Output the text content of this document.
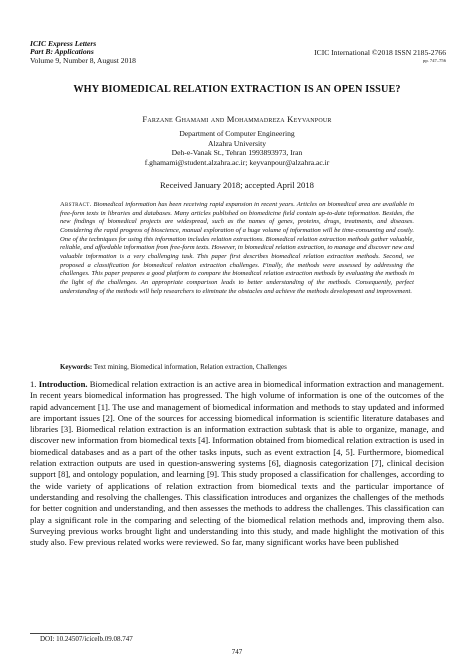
ICIC Express Letters
Part B: Applications
Volume 9, Number 8, August 2018
ICIC International ©2018 ISSN 2185-2766
pp. 747–756
WHY BIOMEDICAL RELATION EXTRACTION IS AN OPEN ISSUE?
Farzane Ghamami and Mohammadreza Keyvanpour
Department of Computer Engineering
Alzahra University
Deh-e-Vanak St., Tehran 1993893973, Iran
f.ghamami@student.alzahra.ac.ir; keyvanpour@alzahra.ac.ir
Received January 2018; accepted April 2018
Abstract. Biomedical information has been receiving rapid expansion in recent years. Articles on biomedical area are available in free-form texts in libraries and databases. Many articles published on biomedicine field contain up-to-date information. Besides, the new findings of biomedical projects are widespread, such as the names of genes, proteins, drugs, treatments, and diseases. Considering the rapid progress of bioscience, manual exploration of a huge volume of information will be time-consuming and costly. One of the techniques for using this information includes relation extractions. Biomedical relation extraction methods gather valuable, reliable, and affordable information from free-form texts. However, in biomedical relation extraction, to manage and discover new and valuable information is a very challenging task. This paper first describes biomedical relation extraction methods. Second, we proposed a classification for biomedical relation extraction challenges. Finally, the methods were assessed by addressing the challenges. This paper prepares a good platform to compare the biomedical relation extraction methods by evaluating the methods in the light of the challenges. An appropriate comparison leads to better understanding of the methods. Consequently, perfect understanding of the methods will help researchers to eliminate the obstacles and achieve the methods development and improvement.
Keywords: Text mining, Biomedical information, Relation extraction, Challenges
1. Introduction. Biomedical relation extraction is an active area in biomedical information extraction and management. In recent years biomedical information has progressed. The high volume of information is one of the outcomes of the rapid advancement [1]. The use and management of biomedical information and methods to stay updated and informed are important issues [2]. One of the sources for accessing biomedical information is scientific literature databases and libraries [3]. Biomedical relation extraction is an information extraction subtask that is able to organize, manage, and discover new information from biomedical texts [4]. Information obtained from biomedical relation extraction is used in biomedical databases and as a part of the other tasks inputs, such as event extraction [4, 5]. Furthermore, biomedical relation extraction outputs are used in question-answering systems [6], diagnosis categorization [7], clinical decision support [8], and ontology population, and learning [9]. This study proposed a classification for challenges, according to the wide variety of applications of relation extraction from biomedical texts and the particular importance of understanding and resolving the challenges. This classification introduces and organizes the challenges of the methods for better cognition and understanding, and then assesses the methods to address the challenges. This classification can play a significant role in the comparing and selecting of the biomedical relation methods and, improving them also. Surveying previous works brought light and understanding into this study, and made highlight the motivation of this study also. Few previous related works were reviewed. So far, many significant works have been published
DOI: 10.24507/icicelb.09.08.747
747
